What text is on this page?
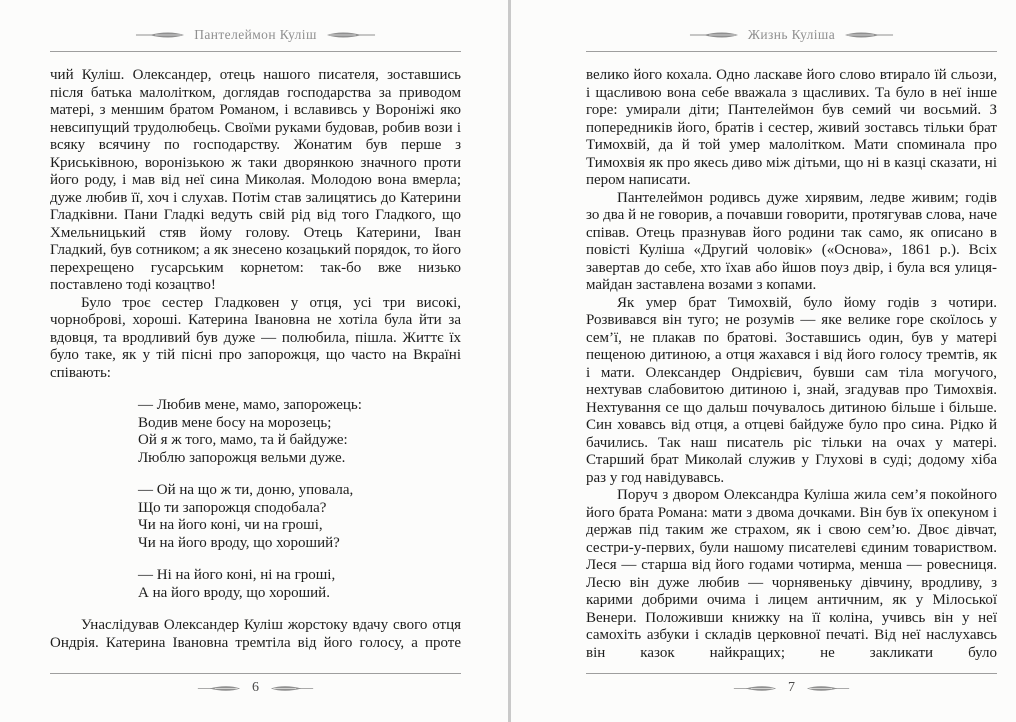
Пантелеймон Куліш

чий Куліш. Олександер, отець нашого писателя, зоставшись після батька малолітком, доглядав господарства за приводом матері, з меншим братом Романом, і вславивсь у Вороніжі яко невсипущий трудолюбець. Своїми руками будовав, робив вози і всяку всячину по господарству. Жонатим був перше з Криськівною, воронізькою ж таки дворянкою значного проти його роду, і мав від неї сина Миколая. Молодою вона вмерла; дуже любив її, хоч і слухав. Потім став залицятись до Катерини Гладківни. Пани Гладкі ведуть свій рід від того Гладкого, що Хмельницький стяв йому голову. Отець Катерини, Іван Гладкий, був сотником; а як знесено козацький порядок, то його перехрещено гусарським корнетом: так-бо вже низько поставлено тоді козацтво!

Було троє сестер Гладковен у отця, усі три високі, чорноброві, хороші. Катерина Івановна не хотіла була йти за вдовця, та вродливий був дуже — полюбила, пішла. Життє їх було таке, як у тій пісні про запорожця, що часто на Вкраїні співають:

— Любив мене, мамо, запорожець:
Водив мене босу на морозець;
Ой я ж того, мамо, та й байдуже:
Люблю запорожця вельми дуже.
— Ой на що ж ти, доню, уповала,
Що ти запорожця сподобала?
Чи на його коні, чи на гроші,
Чи на його вроду, що хороший?
— Ні на його коні, ні на гроші,
А на його вроду, що хороший.

Унаслідував Олександер Куліш жорстоку вдачу свого отця Ондрія. Катерина Івановна тремтіла від його голосу, а проте

6
Жизнь Куліша

велико його кохала. Одно ласкаве його слово втирало їй сльози, і щасливою вона себе вважала з щасливих. Та було в неї інше горе: умирали діти; Пантелеймон був семий чи восьмий. З попередників його, братів і сестер, живий зоставсь тільки брат Тимохвій, да й той умер малолітком. Мати споминала про Тимохвія як про якесь диво між дітьми, що ні в казці сказати, ні пером написати.

Пантелеймон родивсь дуже хирявим, ледве живим; годів зо два й не говорив, а почавши говорити, протягував слова, наче співав. Отець празнував його родини так само, як описано в повісті Куліша «Другий чоловік» («Основа», 1861 р.). Всіх завертав до себе, хто їхав або йшов поуз двір, і була вся улиця-майдан заставлена возами з копами.

Як умер брат Тимохвій, було йому годів з чотири. Розвивався він туго; не розумів — яке велике горе скоїлось у сем’ї, не плакав по братові. Зоставшись один, був у матері пещеною дитиною, а отця жахався і від його голосу тремтів, як і мати. Олександер Ондрієвич, бувши сам тіла могучого, нехтував слабовитою дитиною і, знай, згадував про Тимохвія. Нехтування се що дальш почувалось дитиною більше і більше. Син ховавсь від отця, а отцеві байдуже було про сина. Рідко й бачились. Так наш писатель ріс тільки на очах у матері. Старший брат Миколай служив у Глухові в суді; додому хіба раз у год навідувавсь.

Поруч з двором Олександра Куліша жила сем’я покойного його брата Романа: мати з двома дочками. Він був їх опекуном і держав під таким же страхом, як і свою сем’ю. Двоє дівчат, сестри-у-первих, були нашому писателеві єдиним товариством. Леся — старша від його годами чотирма, менша — ровесниця. Лесю він дуже любив — чорнявеньку дівчину, вродливу, з карими добрими очима і лицем античним, як у Мілоської Венери. Положивши книжку на її коліна, учивсь він у неї самохіть азбуки і складів церковної печаті. Від неї наслухавсь він казок найкращих; не закликати було

7
